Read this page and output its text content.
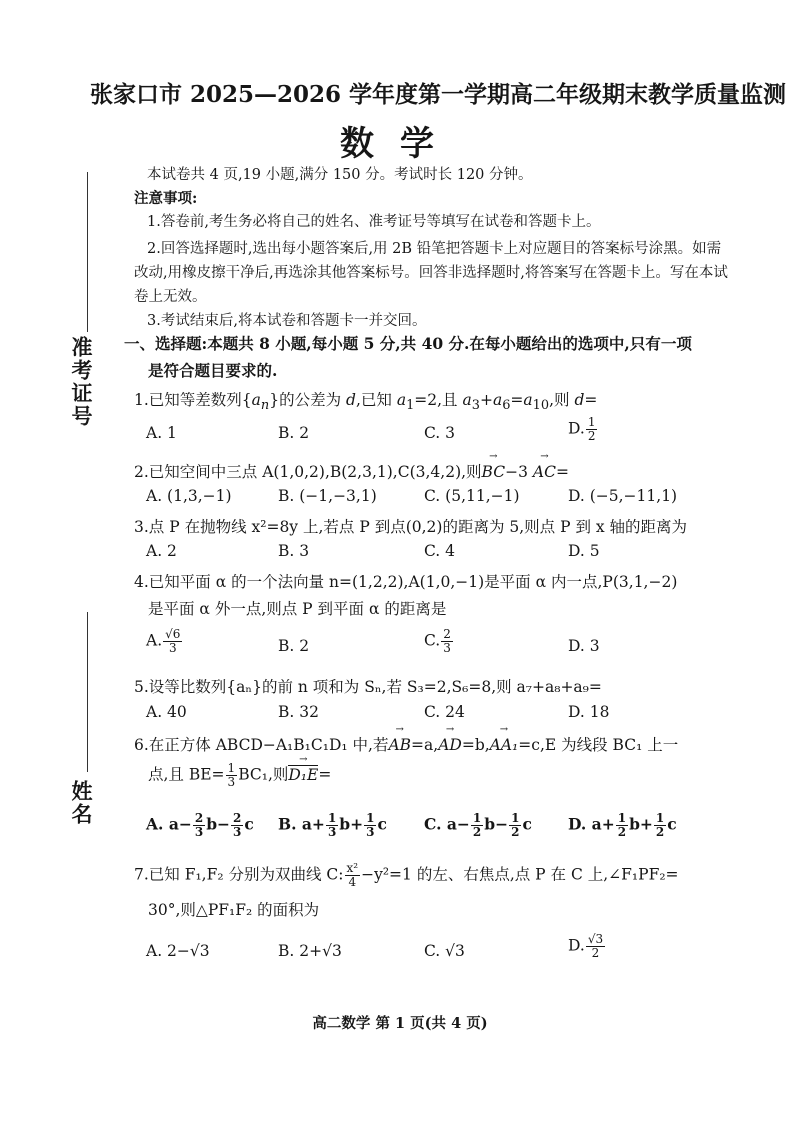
准考证号
姓名
张家口市 2025—2026 学年度第一学期高二年级期末教学质量监测
数学
本试卷共 4 页,19 小题,满分 150 分。考试时长 120 分钟。
注意事项:
1.答卷前,考生务必将自己的姓名、准考证号等填写在试卷和答题卡上。
2.回答选择题时,选出每小题答案后,用 2B 铅笔把答题卡上对应题目的答案标号涂黑。如需
改动,用橡皮擦干净后,再选涂其他答案标号。回答非选择题时,将答案写在答题卡上。写在本试
卷上无效。
3.考试结束后,将本试卷和答题卡一并交回。
一、选择题:本题共 8 小题,每小题 5 分,共 40 分.在每小题给出的选项中,只有一项
是符合题目要求的.
1.已知等差数列$\{a_n\}$的公差为 d,已知 $a_1=2$,且 $a_3+a_6=a_{10}$,则 d=
A. 1	B. 2	C. 3	D. $\frac{1}{2}$
2.已知空间中三点 A(1,0,2),B(2,3,1),C(3,4,2),则→ BC−3 → AC=
A. (1,3,−1)	B. (−1,−3,1)	C. (5,11,−1)	D. (−5,−11,1)
3.点 P 在抛物线 x²=8y 上,若点 P 到点(0,2)的距离为 5,则点 P 到 x 轴的距离为
A. 2	B. 3	C. 4	D. 5
4.已知平面 α 的一个法向量 n=(1,2,2),A(1,0,−1)是平面 α 内一点,P(3,1,−2)
是平面 α 外一点,则点 P 到平面 α 的距离是
A. $\frac{√6}{3}$	B. 2	C. $\frac{2}{3}$	D. 3
5.设等比数列{aₙ}的前 n 项和为 Sₙ,若 S₃=2,S₆=8,则 a₇+a₈+a₉=
A. 40	B. 32	C. 24	D. 18
6.在正方体 ABCD−A₁B₁C₁D₁ 中,若→ AB=a,→ AD=b,→ AA₁=c,E 为线段 BC₁ 上一
点,且 $BE= \frac{1}{3} BC_1$,则→ D₁E=
A. $a- \frac{2}{3} b- \frac{2}{3}$ c B. $a+ \frac{1}{3} b+ \frac{1}{3}$ c C. $a- \frac{1}{2} b- \frac{1}{2}$ c D. $a+ \frac{1}{2} b+ \frac{1}{2}$ c
7.已知 F₁,F₂ 分别为双曲线 C: $\frac{\text{x²}}{4} -y^2=1$ 的左、右焦点,点 P 在 C 上,∠F₁PF₂=
30°,则△PF₁F₂ 的面积为
A. 2−√3	B. 2+√3	C. √3	D. $\frac{√3}{2}$
高二数学 第 1 页(共 4 页)
